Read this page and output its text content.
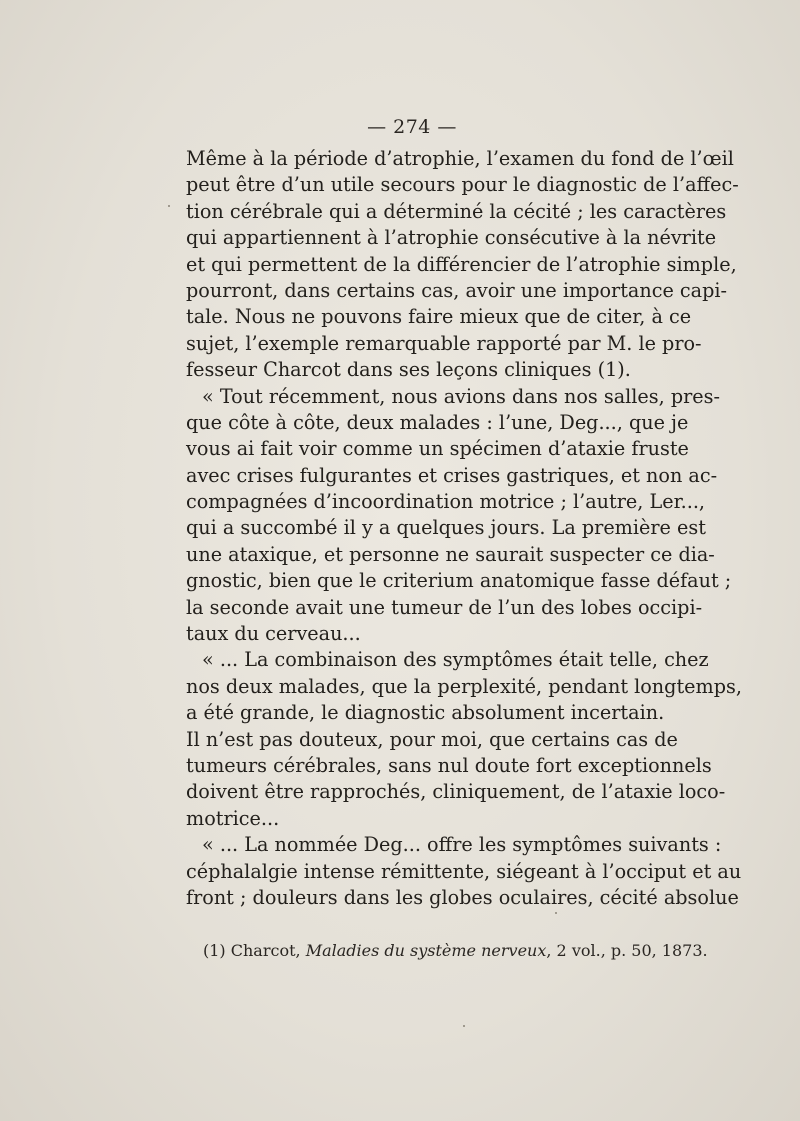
— 274 —
Même à la période d’atrophie, l’examen du fond de l’œil
peut être d’un utile secours pour le diagnostic de l’affec-
tion cérébrale qui a déterminé la cécité ; les caractères
qui appartiennent à l’atrophie consécutive à la névrite
et qui permettent de la différencier de l’atrophie simple,
pourront, dans certains cas, avoir une importance capi-
tale. Nous ne pouvons faire mieux que de citer, à ce
sujet, l’exemple remarquable rapporté par M. le pro-
fesseur Charcot dans ses leçons cliniques (1).
« Tout récemment, nous avions dans nos salles, pres-
que côte à côte, deux malades : l’une, Deg..., que je
vous ai fait voir comme un spécimen d’ataxie fruste
avec crises fulgurantes et crises gastriques, et non ac-
compagnées d’incoordination motrice ; l’autre, Ler...,
qui a succombé il y a quelques jours. La première est
une ataxique, et personne ne saurait suspecter ce dia-
gnostic, bien que le criterium anatomique fasse défaut ;
la seconde avait une tumeur de l’un des lobes occipi-
taux du cerveau...
« ... La combinaison des symptômes était telle, chez
nos deux malades, que la perplexité, pendant longtemps,
a été grande, le diagnostic absolument incertain.
Il n’est pas douteux, pour moi, que certains cas de
tumeurs cérébrales, sans nul doute fort exceptionnels
doivent être rapprochés, cliniquement, de l’ataxie loco-
motrice...
« ... La nommée Deg... offre les symptômes suivants :
céphalalgie intense rémittente, siégeant à l’occiput et au
front ; douleurs dans les globes oculaires, cécité absolue
(1) Charcot, Maladies du système nerveux, 2 vol., p. 50, 1873.
